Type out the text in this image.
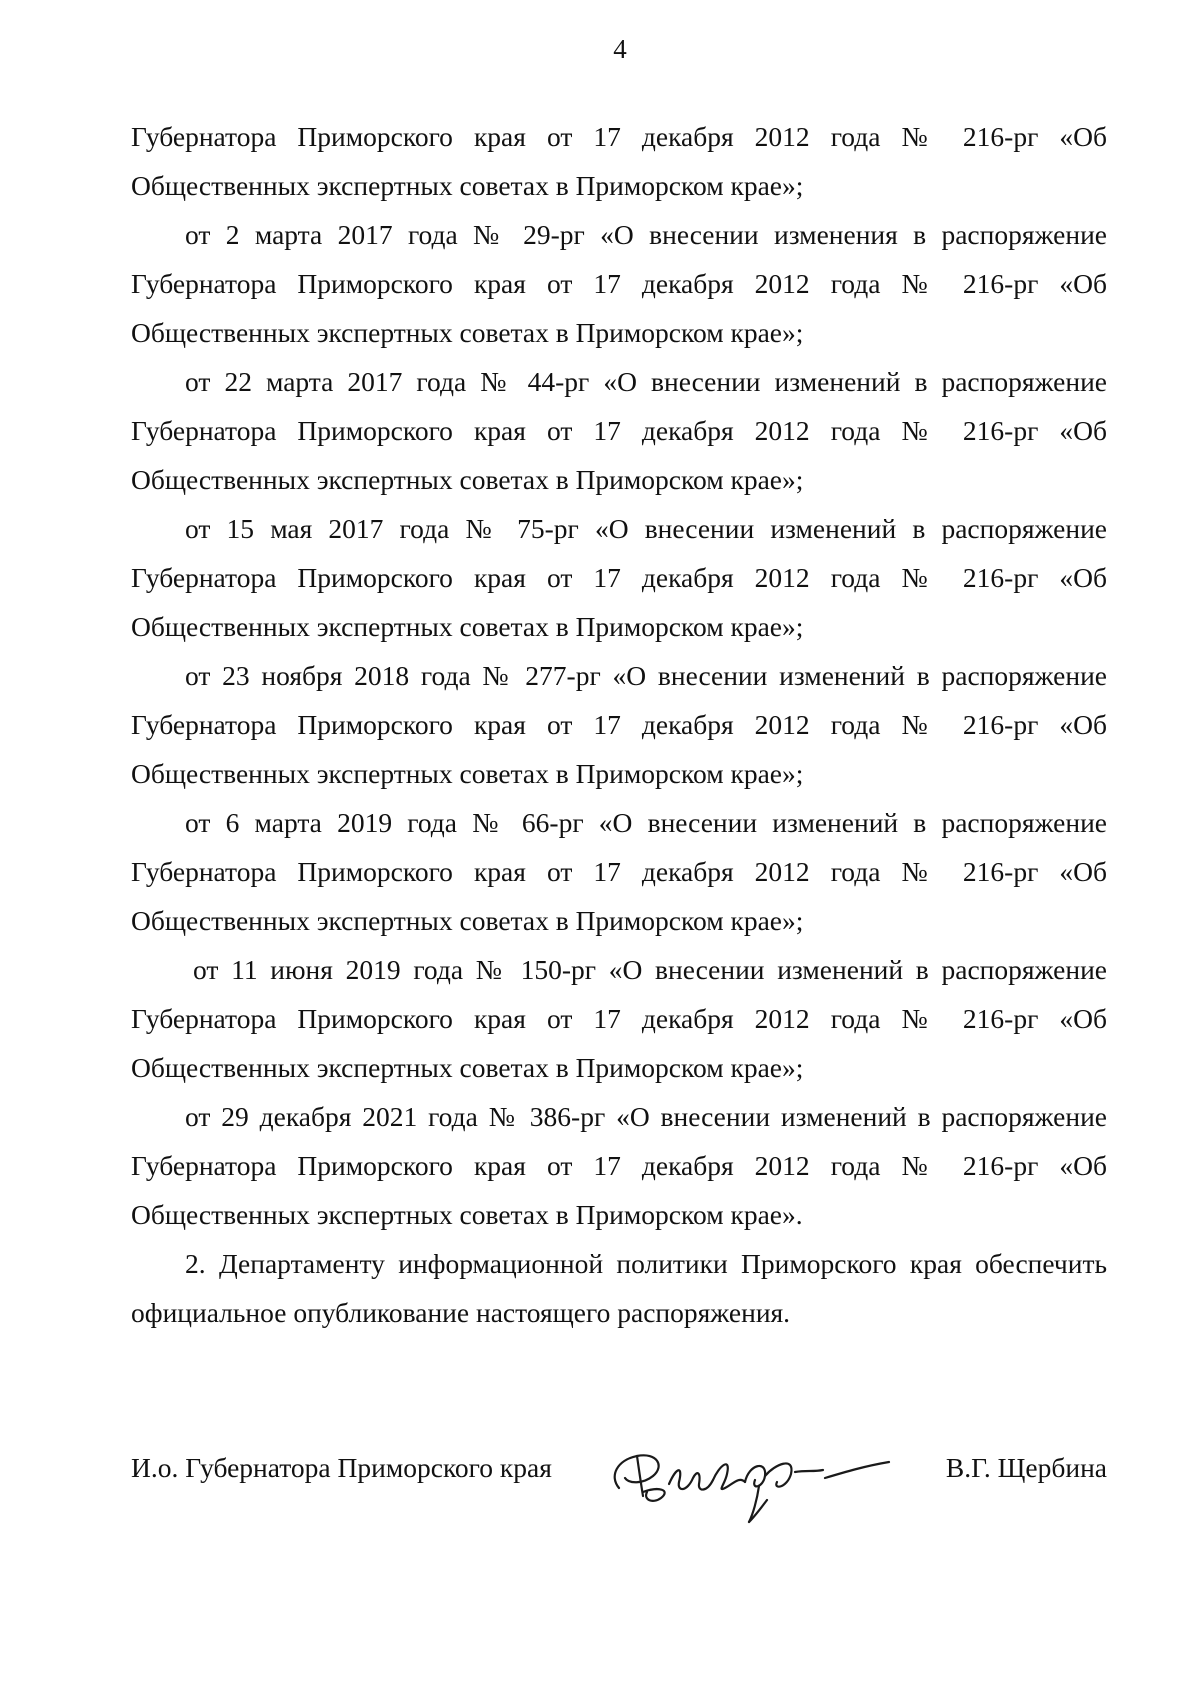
4

Губернатора Приморского края от 17 декабря 2012 года № 216-рг «Об Общественных экспертных советах в Приморском крае»;

от 2 марта 2017 года № 29-рг «О внесении изменения в распоряжение Губернатора Приморского края от 17 декабря 2012 года № 216-рг «Об Общественных экспертных советах в Приморском крае»;

от 22 марта 2017 года № 44-рг «О внесении изменений в распоряжение Губернатора Приморского края от 17 декабря 2012 года № 216-рг «Об Общественных экспертных советах в Приморском крае»;

от 15 мая 2017 года № 75-рг «О внесении изменений в распоряжение Губернатора Приморского края от 17 декабря 2012 года № 216-рг «Об Общественных экспертных советах в Приморском крае»;

от 23 ноября 2018 года № 277-рг «О внесении изменений в распоряжение Губернатора Приморского края от 17 декабря 2012 года № 216-рг «Об Общественных экспертных советах в Приморском крае»;

от 6 марта 2019 года № 66-рг «О внесении изменений в распоряжение Губернатора Приморского края от 17 декабря 2012 года № 216-рг «Об Общественных экспертных советах в Приморском крае»;

от 11 июня 2019 года № 150-рг «О внесении изменений в распоряжение Губернатора Приморского края от 17 декабря 2012 года № 216-рг «Об Общественных экспертных советах в Приморском крае»;

от 29 декабря 2021 года № 386-рг «О внесении изменений в распоряжение Губернатора Приморского края от 17 декабря 2012 года № 216-рг «Об Общественных экспертных советах в Приморском крае».

2. Департаменту информационной политики Приморского края обеспечить официальное опубликование настоящего распоряжения.

И.о. Губернатора Приморского края	В.Г. Щербина
